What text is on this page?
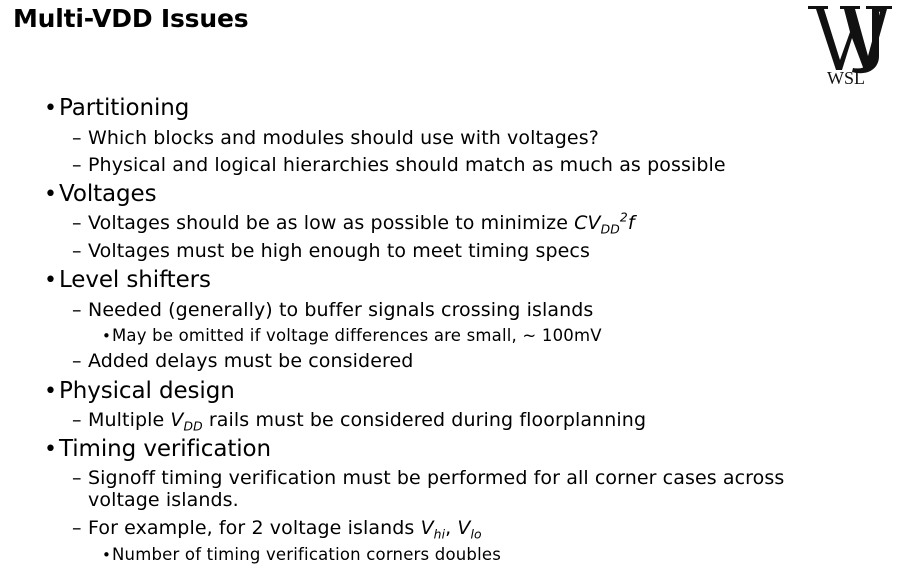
Multi-VDD Issues
WSL
•Partitioning
– Which blocks and modules should use with voltages?
– Physical and logical hierarchies should match as much as possible
•Voltages
– Voltages should be as low as possible to minimize $CV_{DD}^2f$
– Voltages must be high enough to meet timing specs
•Level shifters
– Needed (generally) to buffer signals crossing islands
•May be omitted if voltage differences are small, ~ 100mV
– Added delays must be considered
•Physical design
– Multiple $V_{DD}$ rails must be considered during floorplanning
•Timing verification
– Signoff timing verification must be performed for all corner cases across
voltage islands.
– For example, for 2 voltage islands $V_{hi}$, $V_{lo}$
•Number of timing verification corners doubles
